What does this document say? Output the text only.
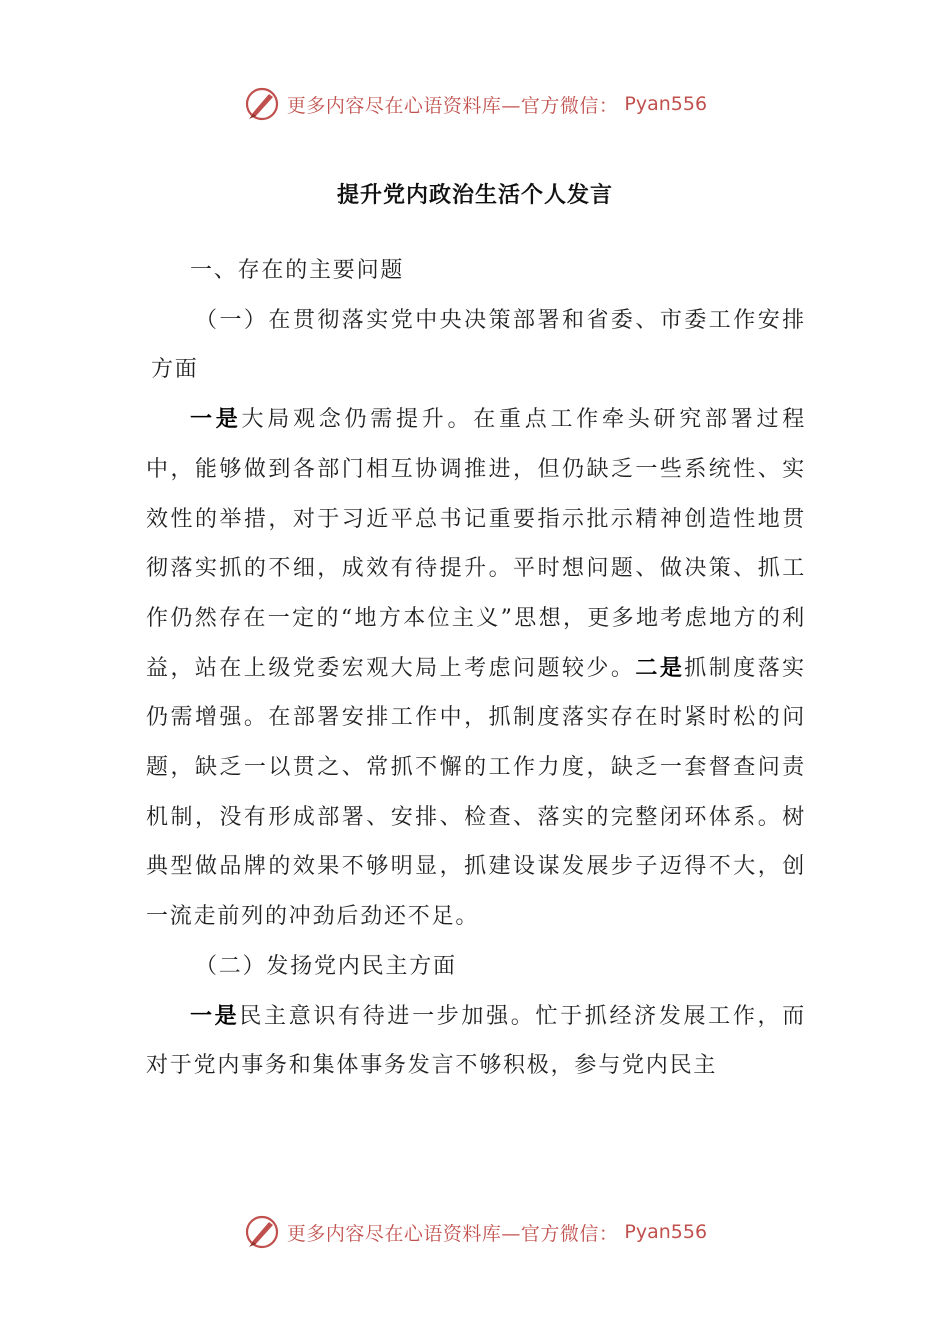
更多内容尽在心语资料库—官方微信： Pyan556
提升党内政治生活个人发言

一、存在的主要问题

（一）在贯彻落实党中央决策部署和省委、市委工作安排方面

一是大局观念仍需提升。在重点工作牵头研究部署过程中，能够做到各部门相互协调推进，但仍缺乏一些系统性、实效性的举措，对于习近平总书记重要指示批示精神创造性地贯彻落实抓的不细，成效有待提升。平时想问题、做决策、抓工作仍然存在一定的“地方本位主义”思想，更多地考虑地方的利益，站在上级党委宏观大局上考虑问题较少。二是抓制度落实仍需增强。在部署安排工作中，抓制度落实存在时紧时松的问题，缺乏一以贯之、常抓不懈的工作力度，缺乏一套督查问责机制，没有形成部署、安排、检查、落实的完整闭环体系。树典型做品牌的效果不够明显，抓建设谋发展步子迈得不大，创一流走前列的冲劲后劲还不足。

（二）发扬党内民主方面

一是民主意识有待进一步加强。忙于抓经济发展工作，而对于党内事务和集体事务发言不够积极，参与党内民主

更多内容尽在心语资料库—官方微信： Pyan556
